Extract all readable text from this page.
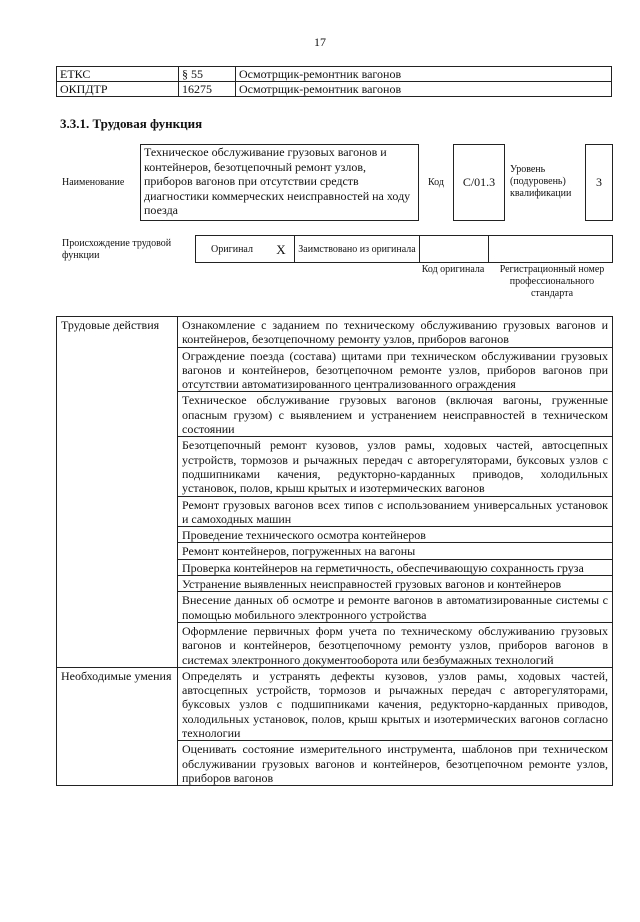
17
ЕТКС	§ 55	Осмотрщик-ремонтник вагонов
ОКПДТР	16275	Осмотрщик-ремонтник вагонов
3.3.1. Трудовая функция
Наименование
Техническое обслуживание грузовых вагонов и контейнеров, безотцепочный ремонт узлов, приборов вагонов при отсутствии средств диагностики коммерческих неисправностей на ходу поезда
Код	C/01.3
Уровень (подуровень) квалификации
3
Происхождение трудовой функции
Оригинал	X	Заимствовано из оригинала		
Код оригинала	Регистрационный номер профессионального стандарта
Трудовые действия	Ознакомление с заданием по техническому обслуживанию грузовых вагонов и контейнеров, безотцепочному ремонту узлов, приборов вагонов
	Ограждение поезда (состава) щитами при техническом обслуживании грузовых вагонов и контейнеров, безотцепочном ремонте узлов, приборов вагонов при отсутствии автоматизированного централизованного ограждения
	Техническое обслуживание грузовых вагонов (включая вагоны, груженные опасным грузом) с выявлением и устранением неисправностей в техническом состоянии
	Безотцепочный ремонт кузовов, узлов рамы, ходовых частей, автосцепных устройств, тормозов и рычажных передач с авторегуляторами, буксовых узлов с подшипниками качения, редукторно-карданных приводов, холодильных установок, полов, крыш крытых и изотермических вагонов
	Ремонт грузовых вагонов всех типов с использованием универсальных установок и самоходных машин
	Проведение технического осмотра контейнеров
	Ремонт контейнеров, погруженных на вагоны
	Проверка контейнеров на герметичность, обеспечивающую сохранность груза
	Устранение выявленных неисправностей грузовых вагонов и контейнеров
	Внесение данных об осмотре и ремонте вагонов в автоматизированные системы с помощью мобильного электронного устройства
	Оформление первичных форм учета по техническому обслуживанию грузовых вагонов и контейнеров, безотцепочному ремонту узлов, приборов вагонов в системах электронного документооборота или безбумажных технологий
Необходимые умения	Определять и устранять дефекты кузовов, узлов рамы, ходовых частей, автосцепных устройств, тормозов и рычажных передач с авторегуляторами, буксовых узлов с подшипниками качения, редукторно-карданных приводов, холодильных установок, полов, крыш крытых и изотермических вагонов согласно технологии
	Оценивать состояние измерительного инструмента, шаблонов при техническом обслуживании грузовых вагонов и контейнеров, безотцепочном ремонте узлов, приборов вагонов
